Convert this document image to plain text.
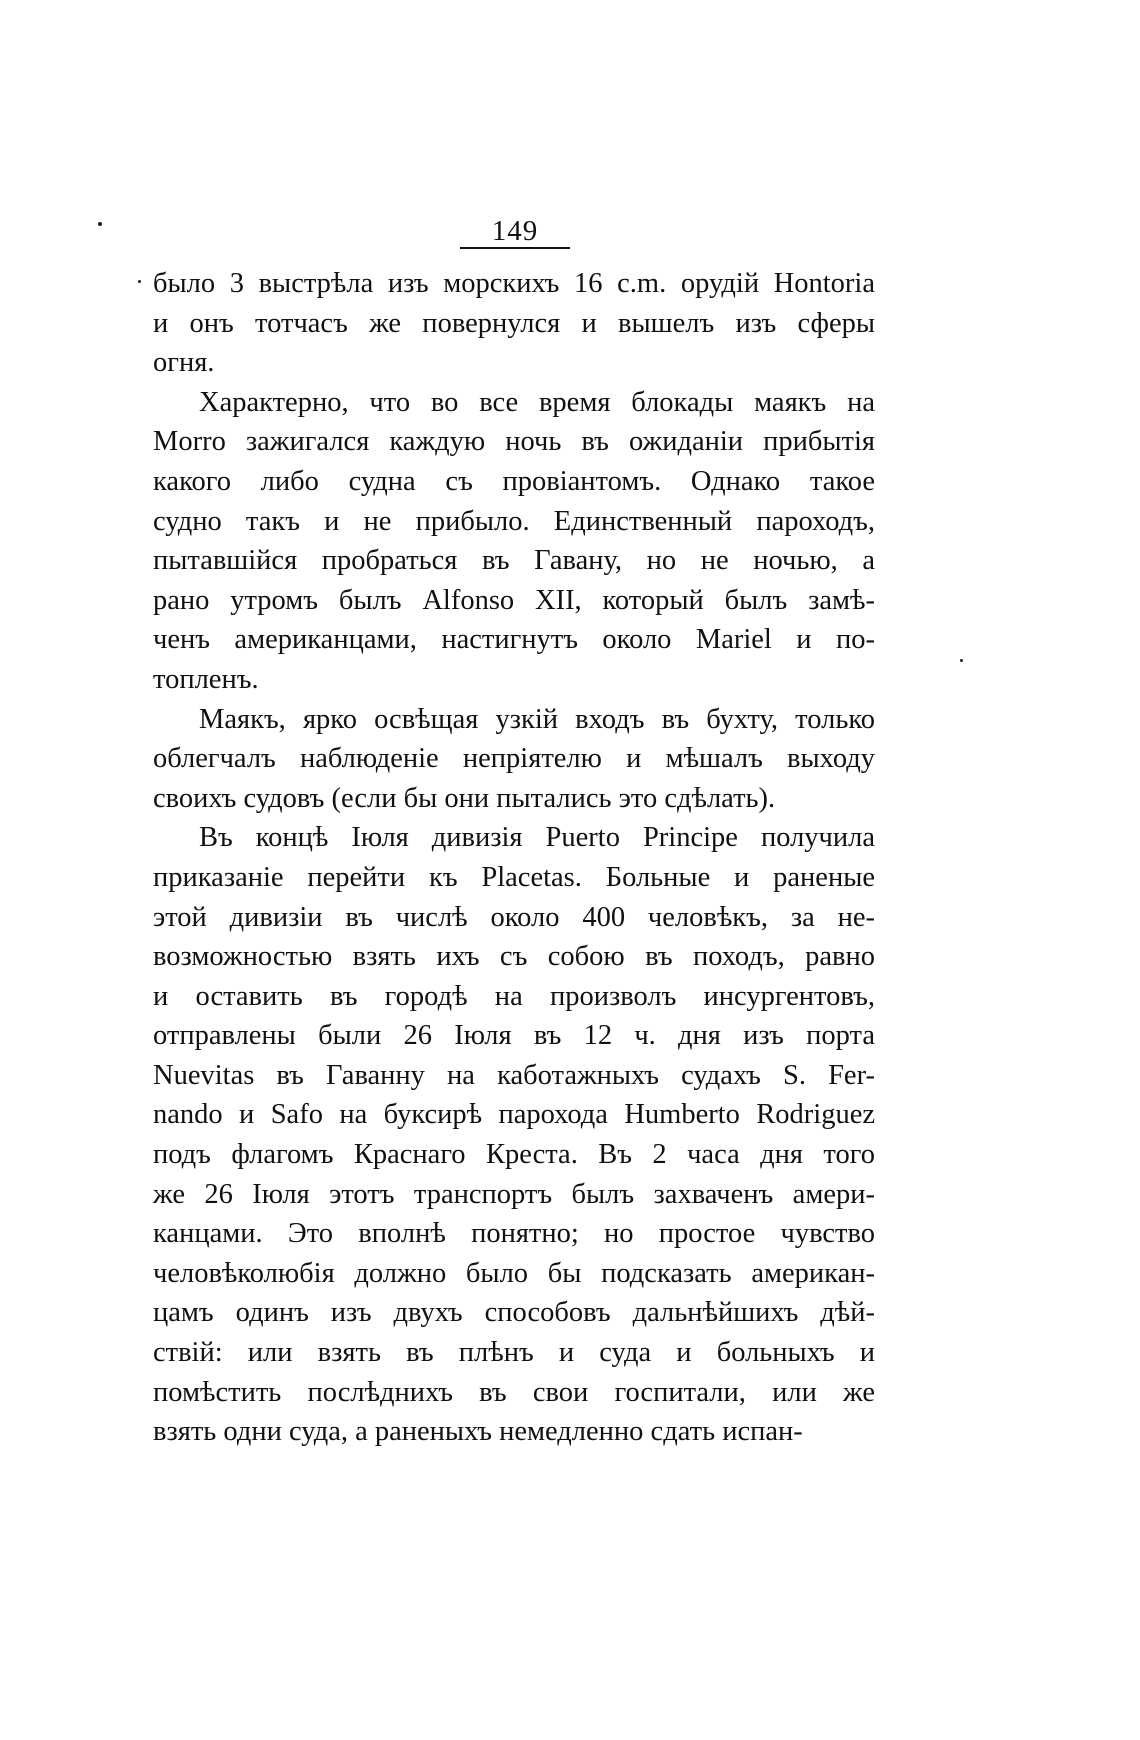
149
было 3 выстрѣла изъ морскихъ 16 c.m. орудій Hontoria
и онъ тотчасъ же повернулся и вышелъ изъ сферы
огня.
Характерно, что во все время блокады маякъ на
Morro зажигался каждую ночь въ ожиданіи прибытія
какого либо судна съ провіантомъ. Однако такое
судно такъ и не прибыло. Единственный пароходъ,
пытавшійся пробраться въ Гавану, но не ночью, а
рано утромъ былъ Alfonso XII, который былъ замѣ-
ченъ американцами, настигнутъ около Mariel и по-
топленъ.
Маякъ, ярко освѣщая узкій входъ въ бухту, только
облегчалъ наблюденіе непріятелю и мѣшалъ выходу
своихъ судовъ (если бы они пытались это сдѣлать).
Въ концѣ Іюля дивизія Puerto Principe получила
приказаніе перейти къ Placetas. Больные и раненые
этой дивизіи въ числѣ около 400 человѣкъ, за не-
возможностью взять ихъ съ собою въ походъ, равно
и оставить въ городѣ на произволъ инсургентовъ,
отправлены были 26 Іюля въ 12 ч. дня изъ порта
Nuevitas въ Гаванну на каботажныхъ судахъ S. Fer-
nando и Safo на буксирѣ парохода Humberto Rodriguez
подъ флагомъ Краснаго Креста. Въ 2 часа дня того
же 26 Іюля этотъ транспортъ былъ захваченъ амери-
канцами. Это вполнѣ понятно; но простое чувство
человѣколюбія должно было бы подсказать американ-
цамъ одинъ изъ двухъ способовъ дальнѣйшихъ дѣй-
ствій: или взять въ плѣнъ и суда и больныхъ и
помѣстить послѣднихъ въ свои госпитали, или же
взять одни суда, а раненыхъ немедленно сдать испан-
